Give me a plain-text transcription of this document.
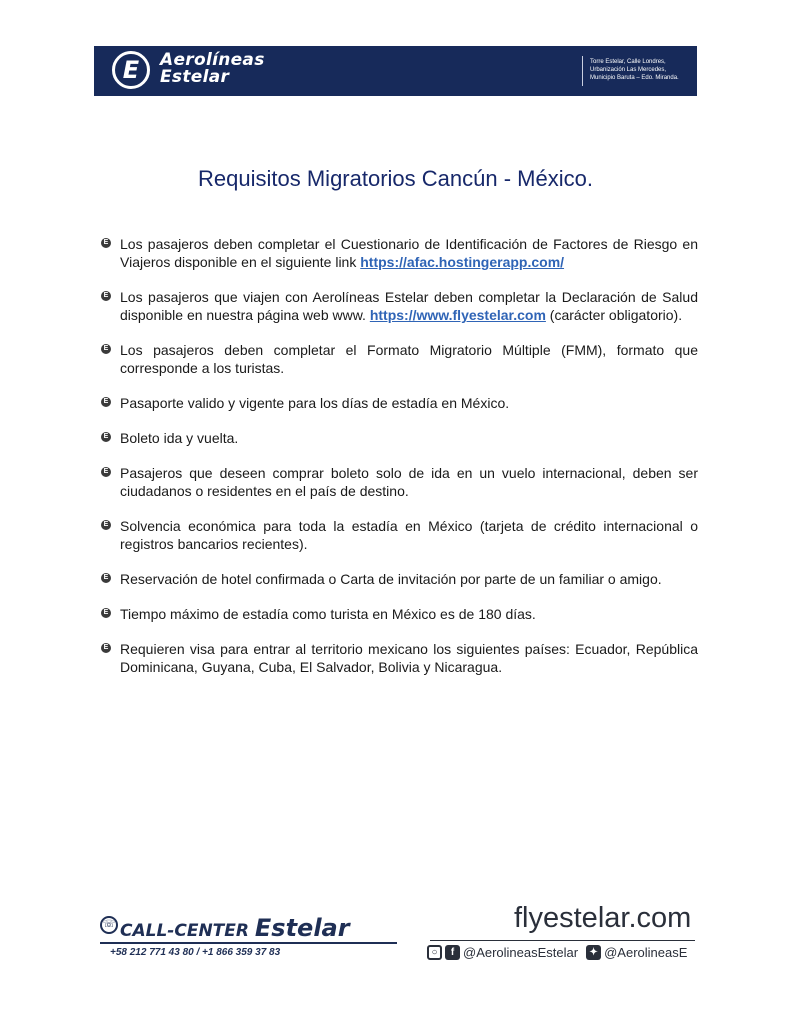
E	Aerolíneas
Estelar
Torre Estelar, Calle Londres,
Urbanización Las Mercedes,
Municipio Baruta – Edo. Miranda.
Requisitos Migratorios Cancún - México.
E Los pasajeros deben completar el Cuestionario de Identificación de Factores de Riesgo en Viajeros disponible en el siguiente link https://afac.hostingerapp.com/
E Los pasajeros que viajen con Aerolíneas Estelar deben completar la Declaración de Salud disponible en nuestra página web www. https://www.flyestelar.com (carácter obligatorio).
E Los pasajeros deben completar el Formato Migratorio Múltiple (FMM), formato que corresponde a los turistas.
E Pasaporte valido y vigente para los días de estadía en México.
E Boleto ida y vuelta.
E Pasajeros que deseen comprar boleto solo de ida en un vuelo internacional, deben ser ciudadanos o residentes en el país de destino.
E Solvencia económica para toda la estadía en México (tarjeta de crédito internacional o registros bancarios recientes).
E Reservación de hotel confirmada o Carta de invitación por parte de un familiar o amigo.
E Tiempo máximo de estadía como turista en México es de 180 días.
E Requieren visa para entrar al territorio mexicano los siguientes países: Ecuador, República Dominicana, Guyana, Cuba, El Salvador, Bolivia y Nicaragua.
☏ CALL-CENTER Estelar
+58 212 771 43 80 / +1 866 359 37 83
flyestelar.com
○	f @AerolineasEstelar	✦ @AerolineasE
